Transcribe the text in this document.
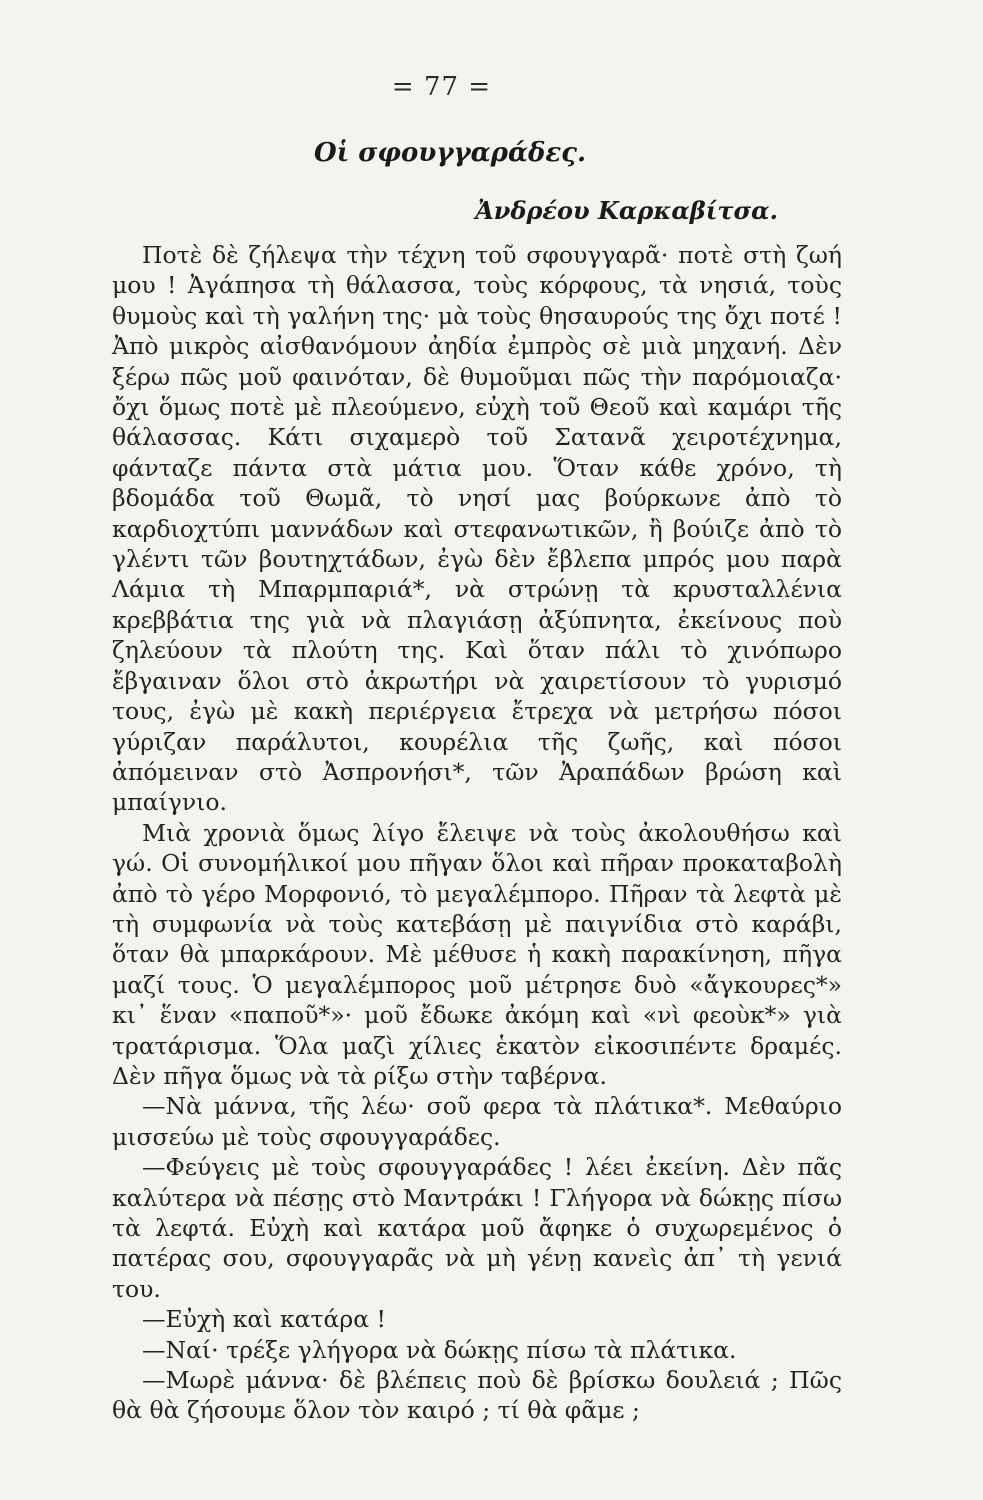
= 77 =
Οἱ σφουγγαράδες.
Ἀνδρέου Καρκαβίτσα.

Ποτὲ δὲ ζήλεψα τὴν τέχνη τοῦ σφουγγαρᾶ· ποτὲ στὴ ζωή μου ! Ἀγάπησα τὴ θάλασσα, τοὺς κόρφους, τὰ νησιά, τοὺς θυμοὺς καὶ τὴ γαλήνη της· μὰ τοὺς θησαυρούς της ὄχι ποτέ ! Ἀπὸ μικρὸς αἰσθανόμουν ἀηδία ἐμπρὸς σὲ μιὰ μηχανή. Δὲν ξέρω πῶς μοῦ φαινόταν, δὲ θυμοῦμαι πῶς τὴν παρόμοιαζα· ὄχι ὅμως ποτὲ μὲ πλεούμενο, εὐχὴ τοῦ Θεοῦ καὶ καμάρι τῆς θάλασσας. Κάτι σιχαμερὸ τοῦ Σατανᾶ χειροτέχνημα, φάνταζε πάντα στὰ μάτια μου. Ὅταν κάθε χρόνο, τὴ βδομάδα τοῦ Θωμᾶ, τὸ νησί μας βούρκωνε ἀπὸ τὸ καρδιοχτύπι μαννάδων καὶ στεφανωτικῶν, ἢ βούιζε ἀπὸ τὸ γλέντι τῶν βουτηχτάδων, ἐγὼ δὲν ἔβλεπα μπρός μου παρὰ Λάμια τὴ Μπαρμπαριά*, νὰ στρώνῃ τὰ κρυσταλλένια κρεββάτια της γιὰ νὰ πλαγιάσῃ ἀξύπνητα, ἐκείνους ποὺ ζηλεύουν τὰ πλούτη της. Καὶ ὅταν πάλι τὸ χινόπωρο ἔβγαιναν ὅλοι στὸ ἀκρωτήρι νὰ χαιρετίσουν τὸ γυρισμό τους, ἐγὼ μὲ κακὴ περιέργεια ἔτρεχα νὰ μετρήσω πόσοι γύριζαν παράλυτοι, κουρέλια τῆς ζωῆς, καὶ πόσοι ἀπόμειναν στὸ Ἀσπρονήσι*, τῶν Ἀραπάδων βρώση καὶ μπαίγνιο.

Μιὰ χρονιὰ ὅμως λίγο ἔλειψε νὰ τοὺς ἀκολουθήσω καὶ γώ. Οἱ συνομήλικοί μου πῆγαν ὅλοι καὶ πῆραν προκαταβολὴ ἀπὸ τὸ γέρο Μορφονιό, τὸ μεγαλέμπορο. Πῆραν τὰ λεφτὰ μὲ τὴ συμφωνία νὰ τοὺς κατεβάσῃ μὲ παιγνίδια στὸ καράβι, ὅταν θὰ μπαρκάρουν. Μὲ μέθυσε ἡ κακὴ παρακίνηση, πῆγα μαζί τους. Ὁ μεγαλέμπορος μοῦ μέτρησε δυὸ «ἄγκουρες*» κι᾽ ἕναν «παποῦ*»· μοῦ ἔδωκε ἀκόμη καὶ «νὶ φεοὺκ*» γιὰ τρατάρισμα. Ὅλα μαζὶ χίλιες ἑκατὸν εἰκοσιπέντε δραμές. Δὲν πῆγα ὅμως νὰ τὰ ρίξω στὴν ταβέρνα.

—Νὰ μάννα, τῆς λέω· σοῦ φερα τὰ πλάτικα*. Μεθαύριο μισσεύω μὲ τοὺς σφουγγαράδες.

—Φεύγεις μὲ τοὺς σφουγγαράδες ! λέει ἐκείνη. Δὲν πᾶς καλύτερα νὰ πέσῃς στὸ Μαντράκι ! Γλήγορα νὰ δώκῃς πίσω τὰ λεφτά. Εὐχὴ καὶ κατάρα μοῦ ἄφηκε ὁ συχωρεμένος ὁ πατέρας σου, σφουγγαρᾶς νὰ μὴ γένῃ κανεὶς ἀπ᾽ τὴ γενιά του.

—Εὐχὴ καὶ κατάρα !

—Ναί· τρέξε γλήγορα νὰ δώκῃς πίσω τὰ πλάτικα.

—Μωρὲ μάννα· δὲ βλέπεις ποὺ δὲ βρίσκω δουλειά ; Πῶς θὰ θὰ ζήσουμε ὅλον τὸν καιρό ; τί θὰ φᾶμε ;
